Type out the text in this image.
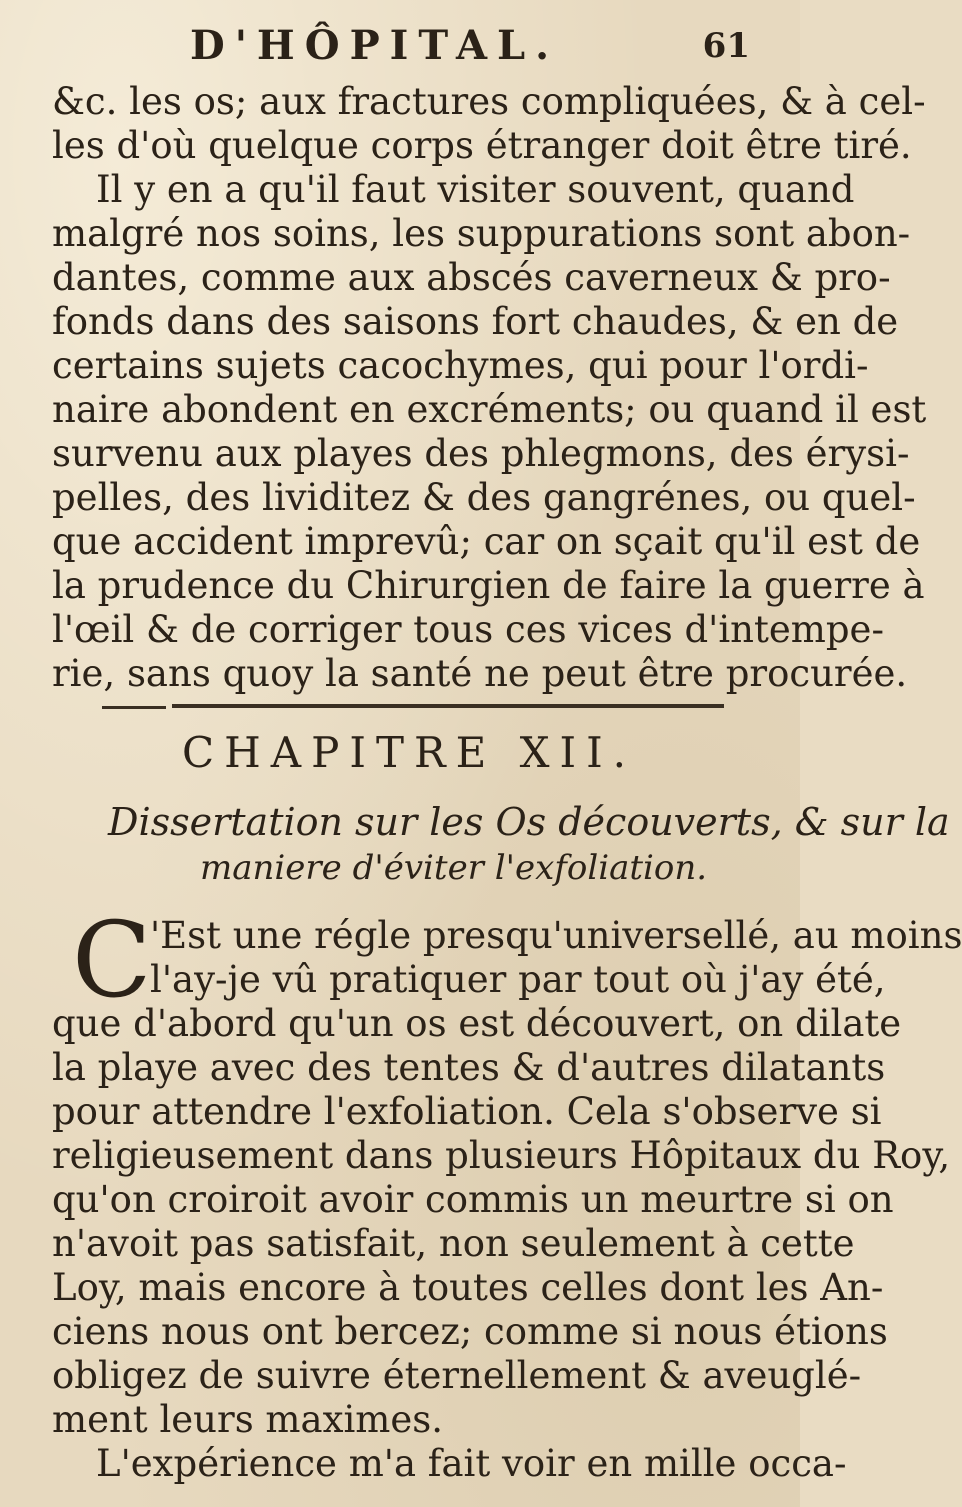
D'HÔPITAL.	61
&c. les os; aux fractures compliquées, & à cel-
les d'où quelque corps étranger doit être tiré.
Il y en a qu'il faut visiter souvent, quand
malgré nos soins, les suppurations sont abon-
dantes, comme aux abscés caverneux & pro-
fonds dans des saisons fort chaudes, & en de
certains sujets cacochymes, qui pour l'ordi-
naire abondent en excréments; ou quand il est
survenu aux playes des phlegmons, des érysi-
pelles, des lividitez & des gangrénes, ou quel-
que accident imprevû; car on sçait qu'il est de
la prudence du Chirurgien de faire la guerre à
l'œil & de corriger tous ces vices d'intempe-
rie, sans quoy la santé ne peut être procurée.
CHAPITRE XII.
Dissertation sur les Os découverts, & sur la
maniere d'éviter l'exfoliation.
C
'Est une régle presqu'universellé, au moins
l'ay-je vû pratiquer par tout où j'ay été,
que d'abord qu'un os est découvert, on dilate
la playe avec des tentes & d'autres dilatants
pour attendre l'exfoliation. Cela s'observe si
religieusement dans plusieurs Hôpitaux du Roy,
qu'on croiroit avoir commis un meurtre si on
n'avoit pas satisfait, non seulement à cette
Loy, mais encore à toutes celles dont les An-
ciens nous ont bercez; comme si nous étions
obligez de suivre éternellement & aveuglé-
ment leurs maximes.
L'expérience m'a fait voir en mille occa-
